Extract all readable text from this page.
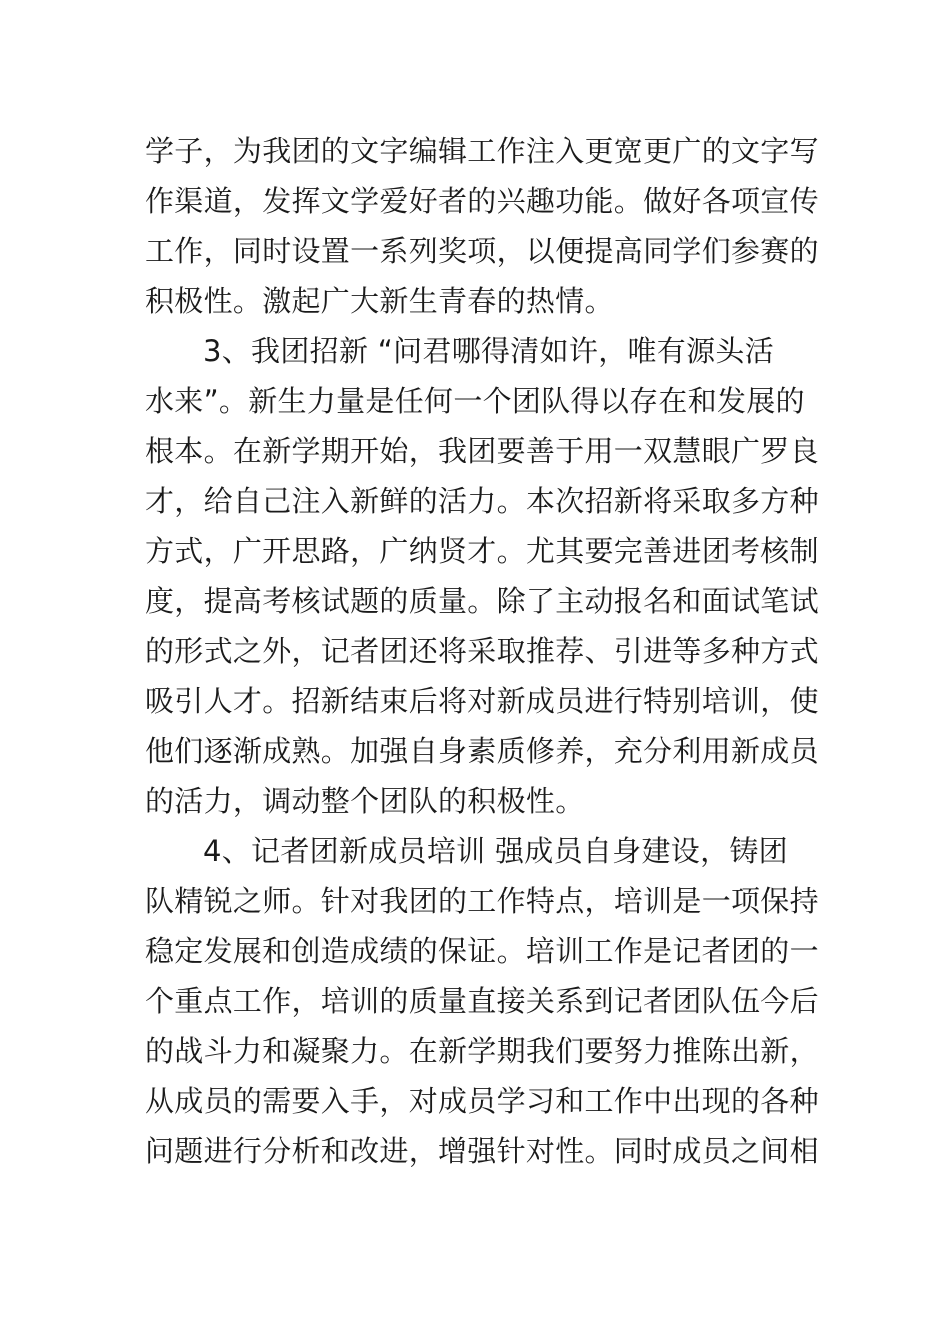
学子，为我团的文字编辑工作注入更宽更广的文字写
作渠道，发挥文学爱好者的兴趣功能。做好各项宣传
工作，同时设置一系列奖项，以便提高同学们参赛的
积极性。激起广大新生青春的热情。
3、我团招新 “问君哪得清如许，唯有源头活
水来”。新生力量是任何一个团队得以存在和发展的
根本。在新学期开始，我团要善于用一双慧眼广罗良
才，给自己注入新鲜的活力。本次招新将采取多方种
方式，广开思路，广纳贤才。尤其要完善进团考核制
度，提高考核试题的质量。除了主动报名和面试笔试
的形式之外，记者团还将采取推荐、引进等多种方式
吸引人才。招新结束后将对新成员进行特别培训，使
他们逐渐成熟。加强自身素质修养，充分利用新成员
的活力，调动整个团队的积极性。
4、记者团新成员培训 强成员自身建设，铸团
队精锐之师。针对我团的工作特点，培训是一项保持
稳定发展和创造成绩的保证。培训工作是记者团的一
个重点工作，培训的质量直接关系到记者团队伍今后
的战斗力和凝聚力。在新学期我们要努力推陈出新，
从成员的需要入手，对成员学习和工作中出现的各种
问题进行分析和改进，增强针对性。同时成员之间相
